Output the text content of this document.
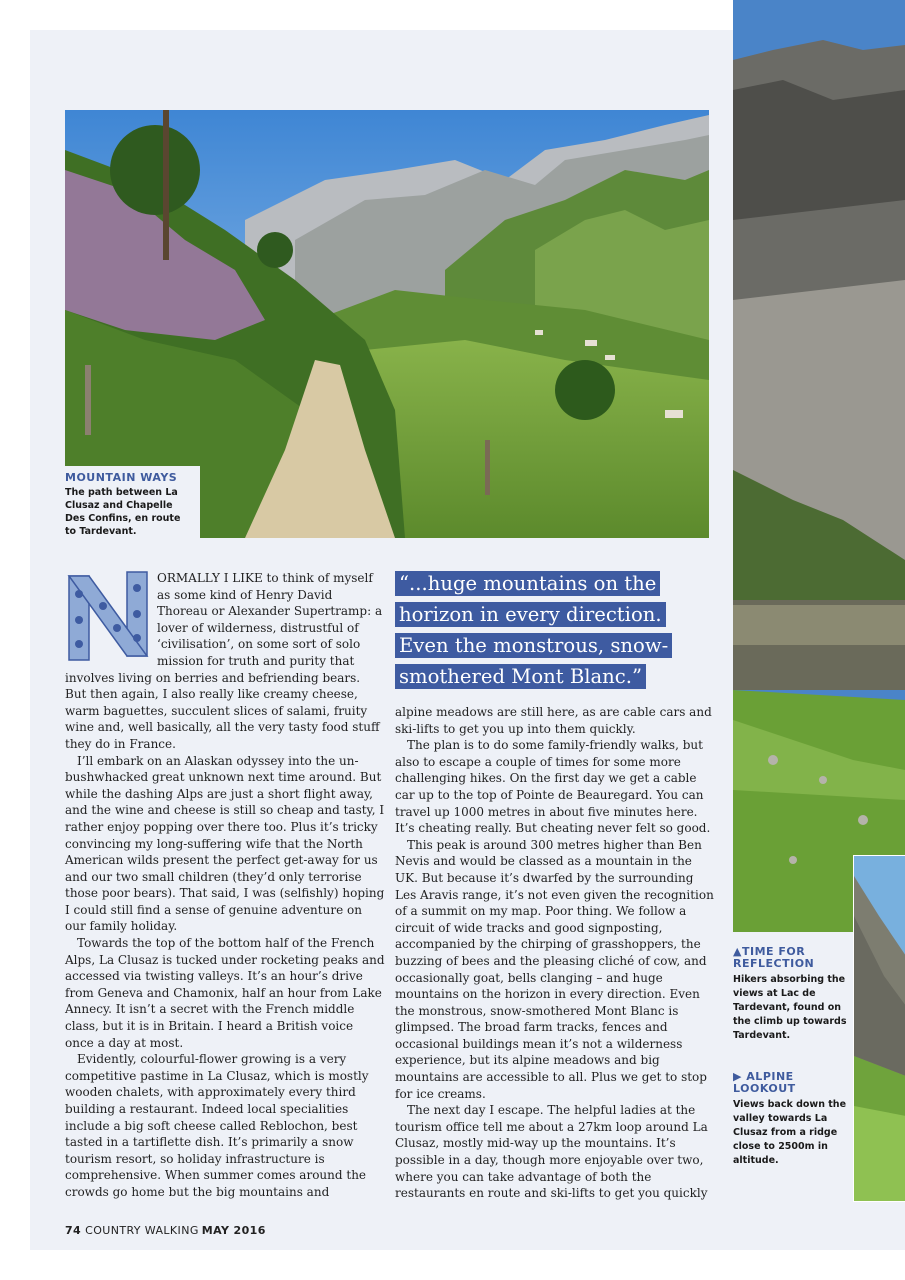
MOUNTAIN WAYS
The path between La Clusaz and Chapelle Des Confins, en route to Tardevant.

ORMALLY I LIKE to think of myself as some kind of Henry David Thoreau or Alexander Supertramp: a lover of wilderness, distrustful of ‘civilisation’, on some sort of solo mission for truth and purity that involves living on berries and befriending bears. But then again, I also really like creamy cheese, warm baguettes, succulent slices of salami, fruity wine and, well basically, all the very tasty food stuff they do in France.

I’ll embark on an Alaskan odyssey into the un-bushwhacked great unknown next time around. But while the dashing Alps are just a short flight away, and the wine and cheese is still so cheap and tasty, I rather enjoy popping over there too. Plus it’s tricky convincing my long-suffering wife that the North American wilds present the perfect get-away for us and our two small children (they’d only terrorise those poor bears). That said, I was (selfishly) hoping I could still find a sense of genuine adventure on our family holiday.

Towards the top of the bottom half of the French Alps, La Clusaz is tucked under rocketing peaks and accessed via twisting valleys. It’s an hour’s drive from Geneva and Chamonix, half an hour from Lake Annecy. It isn’t a secret with the French middle class, but it is in Britain. I heard a British voice once a day at most.

Evidently, colourful-flower growing is a very competitive pastime in La Clusaz, which is mostly wooden chalets, with approximately every third building a restaurant. Indeed local specialities include a big soft cheese called Reblochon, best tasted in a tartiflette dish. It’s primarily a snow tourism resort, so holiday infrastructure is comprehensive. When summer comes around the crowds go home but the big mountains and

“...huge mountains on the horizon in every direction. Even the monstrous, snow-smothered Mont Blanc.”

alpine meadows are still here, as are cable cars and ski-lifts to get you up into them quickly.

The plan is to do some family-friendly walks, but also to escape a couple of times for some more challenging hikes. On the first day we get a cable car up to the top of Pointe de Beauregard. You can travel up 1000 metres in about five minutes here. It’s cheating really. But cheating never felt so good.

This peak is around 300 metres higher than Ben Nevis and would be classed as a mountain in the UK. But because it’s dwarfed by the surrounding Les Aravis range, it’s not even given the recognition of a summit on my map. Poor thing. We follow a circuit of wide tracks and good signposting, accompanied by the chirping of grasshoppers, the buzzing of bees and the pleasing cliché of cow, and occasionally goat, bells clanging – and huge mountains on the horizon in every direction. Even the monstrous, snow-smothered Mont Blanc is glimpsed. The broad farm tracks, fences and occasional buildings mean it’s not a wilderness experience, but its alpine meadows and big mountains are accessible to all. Plus we get to stop for ice creams.

The next day I escape. The helpful ladies at the tourism office tell me about a 27km loop around La Clusaz, mostly mid-way up the mountains. It’s possible in a day, though more enjoyable over two, where you can take advantage of both the restaurants en route and ski-lifts to get you quickly

▲TIME FOR REFLECTION
Hikers absorbing the views at Lac de Tardevant, found on the climb up towards Tardevant.
▶ ALPINE LOOKOUT
Views back down the valley towards La Clusaz from a ridge close to 2500m in altitude.
74 COUNTRY WALKING MAY 2016
